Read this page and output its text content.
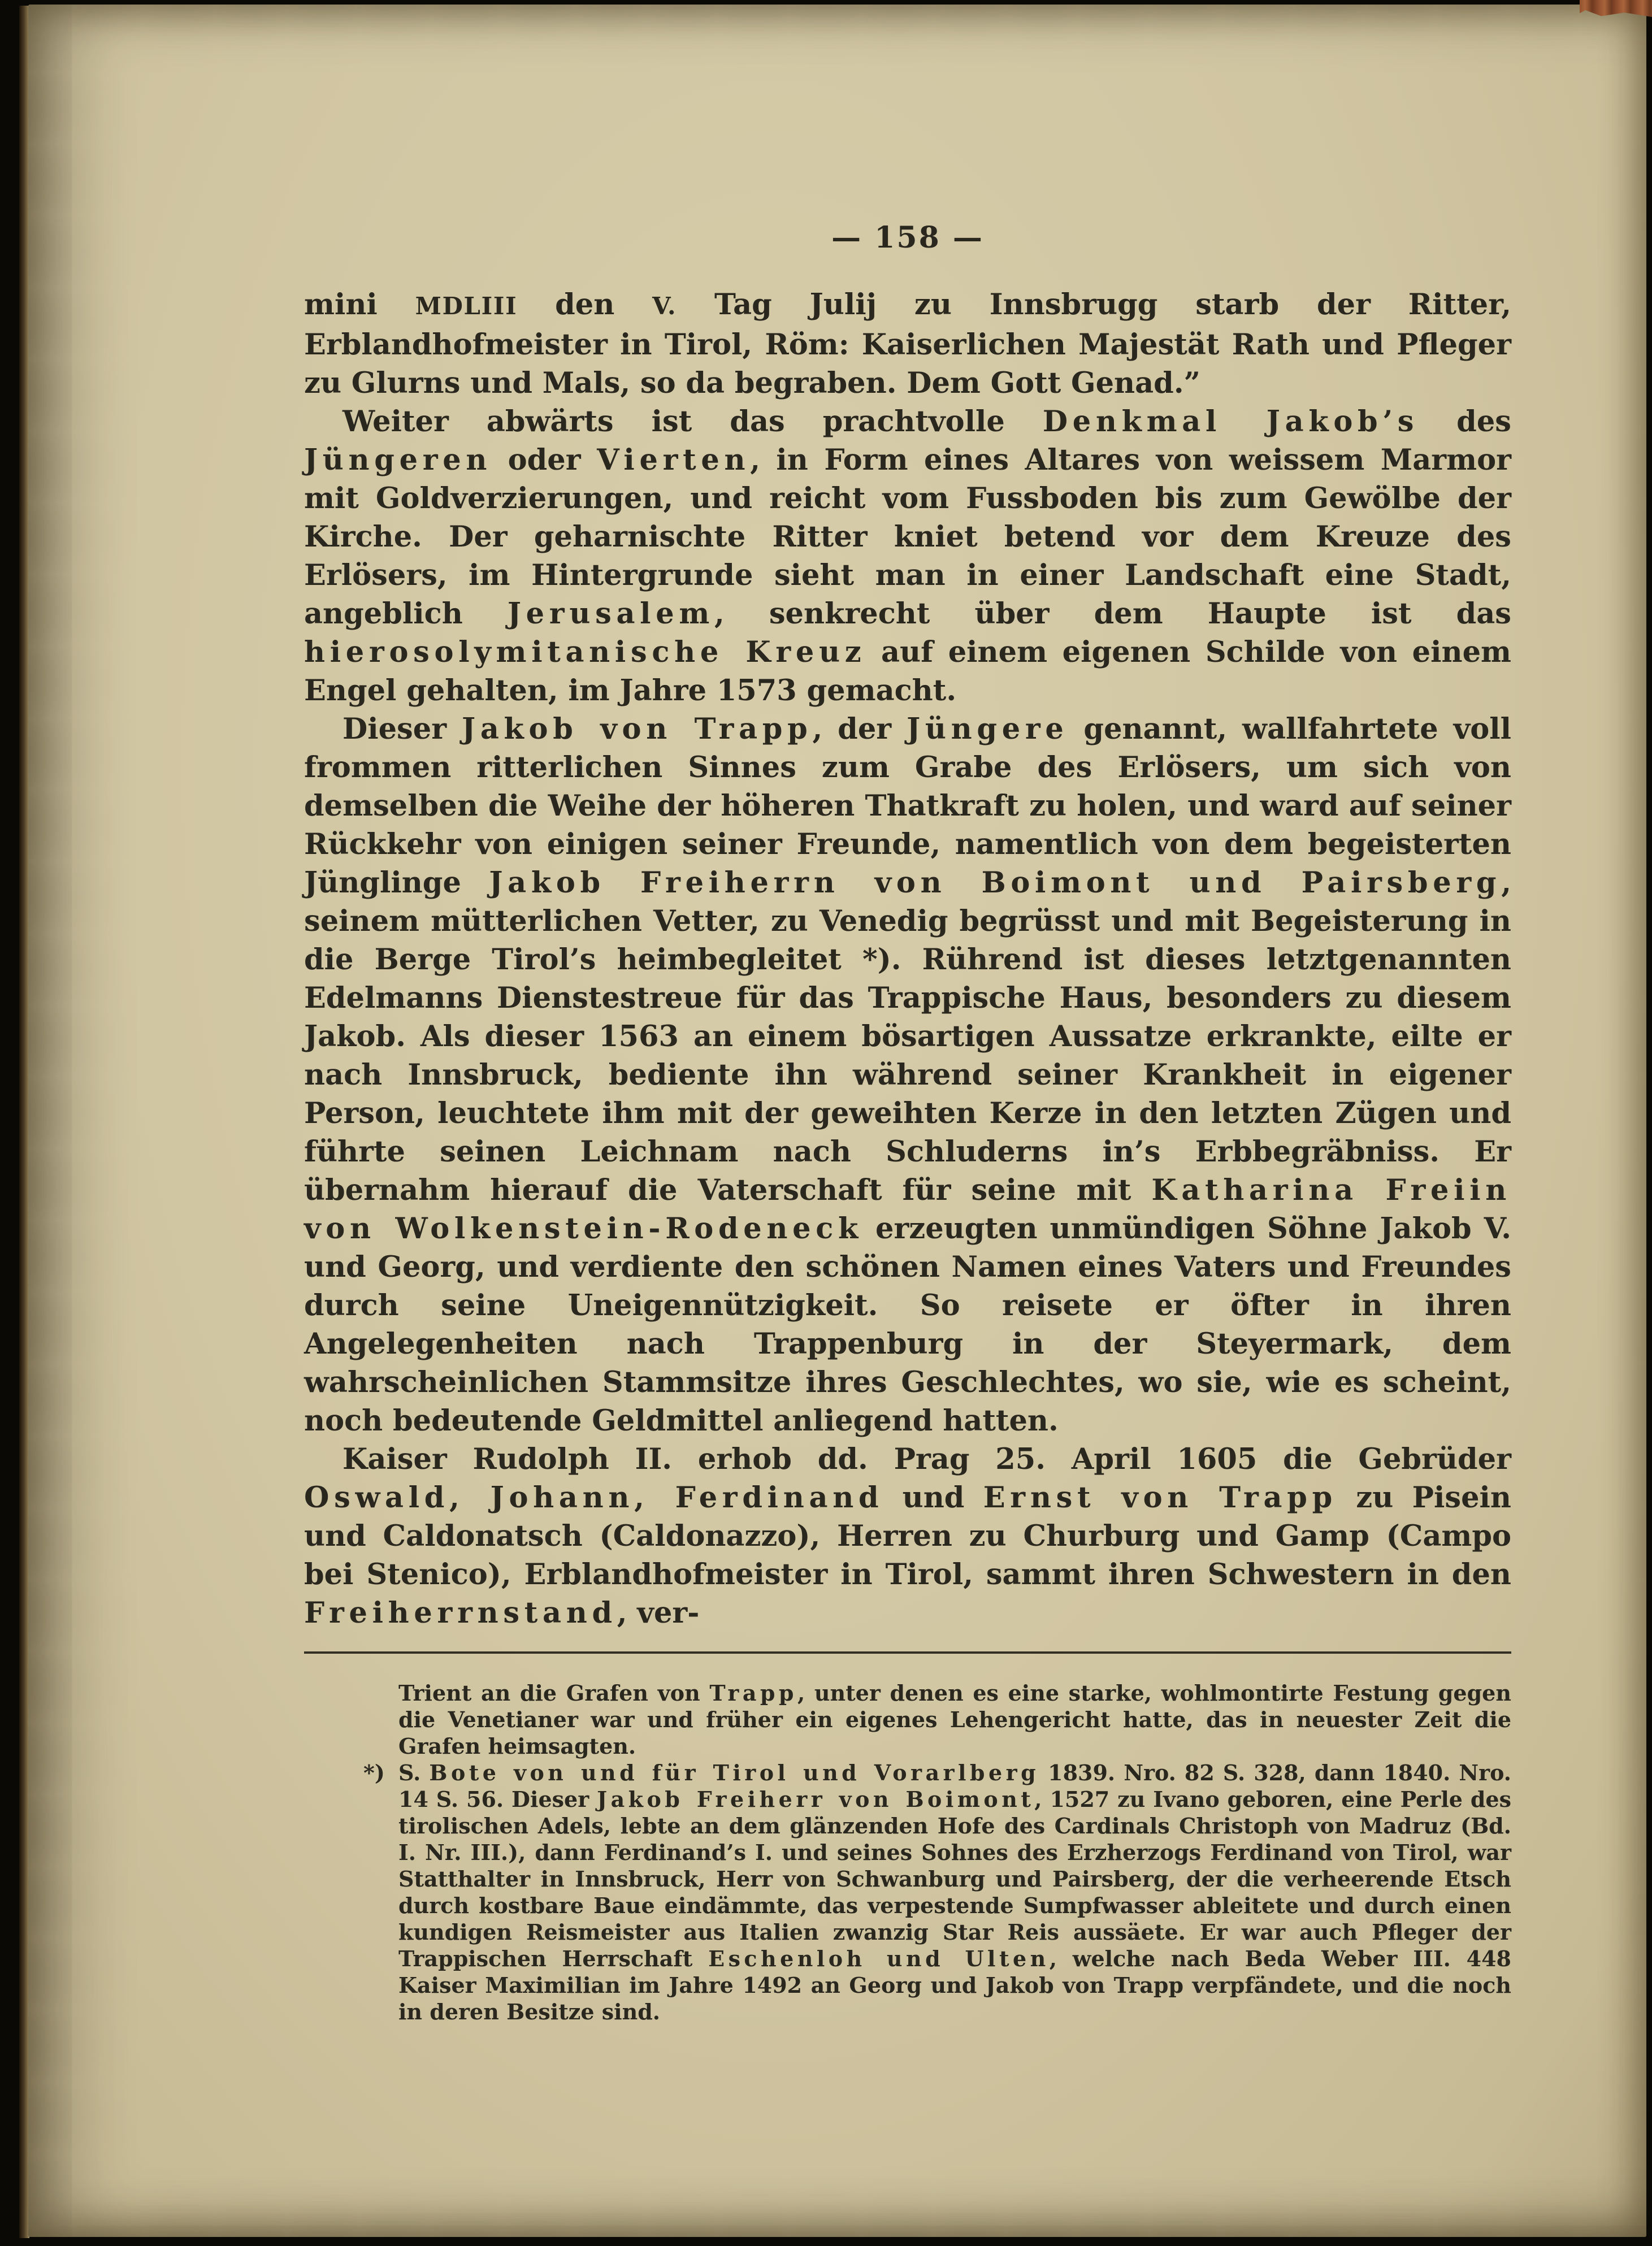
— 158 —

mini MDLIII den V. Tag Julij zu Innsbrugg starb der Ritter, Erblandhofmeister in Tirol, Röm: Kaiserlichen Majestät Rath und Pfleger zu Glurns und Mals, so da begraben. Dem Gott Genad.”

Weiter abwärts ist das prachtvolle Denkmal Jakob’s des Jüngeren oder Vierten, in Form eines Altares von weissem Marmor mit Goldverzierungen, und reicht vom Fussboden bis zum Gewölbe der Kirche. Der geharnischte Ritter kniet betend vor dem Kreuze des Erlösers, im Hintergrunde sieht man in einer Landschaft eine Stadt, angeblich Jerusalem, senkrecht über dem Haupte ist das hierosolymitanische Kreuz auf einem eigenen Schilde von einem Engel gehalten, im Jahre 1573 gemacht.

Dieser Jakob von Trapp, der Jüngere genannt, wallfahrtete voll frommen ritterlichen Sinnes zum Grabe des Erlösers, um sich von demselben die Weihe der höheren Thatkraft zu holen, und ward auf seiner Rückkehr von einigen seiner Freunde, namentlich von dem begeisterten Jünglinge Jakob Freiherrn von Boimont und Pairsberg, seinem mütterlichen Vetter, zu Venedig begrüsst und mit Begeisterung in die Berge Tirol’s heimbegleitet *). Rührend ist dieses letztgenannten Edelmanns Dienstestreue für das Trappische Haus, besonders zu diesem Jakob. Als dieser 1563 an einem bösartigen Aussatze erkrankte, eilte er nach Innsbruck, bediente ihn während seiner Krankheit in eigener Person, leuchtete ihm mit der geweihten Kerze in den letzten Zügen und führte seinen Leichnam nach Schluderns in’s Erbbegräbniss. Er übernahm hierauf die Vaterschaft für seine mit Katharina Freiin von Wolkenstein-Rodeneck erzeugten unmündigen Söhne Jakob V. und Georg, und verdiente den schönen Namen eines Vaters und Freundes durch seine Uneigennützigkeit. So reisete er öfter in ihren Angelegenheiten nach Trappenburg in der Steyermark, dem wahrscheinlichen Stammsitze ihres Geschlechtes, wo sie, wie es scheint, noch bedeutende Geldmittel anliegend hatten.

Kaiser Rudolph II. erhob dd. Prag 25. April 1605 die Gebrüder Oswald, Johann, Ferdinand und Ernst von Trapp zu Pisein und Caldonatsch (Caldonazzo), Herren zu Churburg und Gamp (Campo bei Stenico), Erblandhofmeister in Tirol, sammt ihren Schwestern in den Freiherrnstand, ver-

Trient an die Grafen von Trapp, unter denen es eine starke, wohlmontirte Festung gegen die Venetianer war und früher ein eigenes Lehengericht hatte, das in neuester Zeit die Grafen heimsagten.

*) S. Bote von und für Tirol und Vorarlberg 1839. Nro. 82 S. 328, dann 1840. Nro. 14 S. 56. Dieser Jakob Freiherr von Boimont, 1527 zu Ivano geboren, eine Perle des tirolischen Adels, lebte an dem glänzenden Hofe des Cardinals Christoph von Madruz (Bd. I. Nr. III.), dann Ferdinand’s I. und seines Sohnes des Erzherzogs Ferdinand von Tirol, war Statthalter in Innsbruck, Herr von Schwanburg und Pairsberg, der die verheerende Etsch durch kostbare Baue eindämmte, das verpestende Sumpfwasser ableitete und durch einen kundigen Reismeister aus Italien zwanzig Star Reis aussäete. Er war auch Pfleger der Trappischen Herrschaft Eschenloh und Ulten, welche nach Beda Weber III. 448 Kaiser Maximilian im Jahre 1492 an Georg und Jakob von Trapp verpfändete, und die noch in deren Besitze sind.
